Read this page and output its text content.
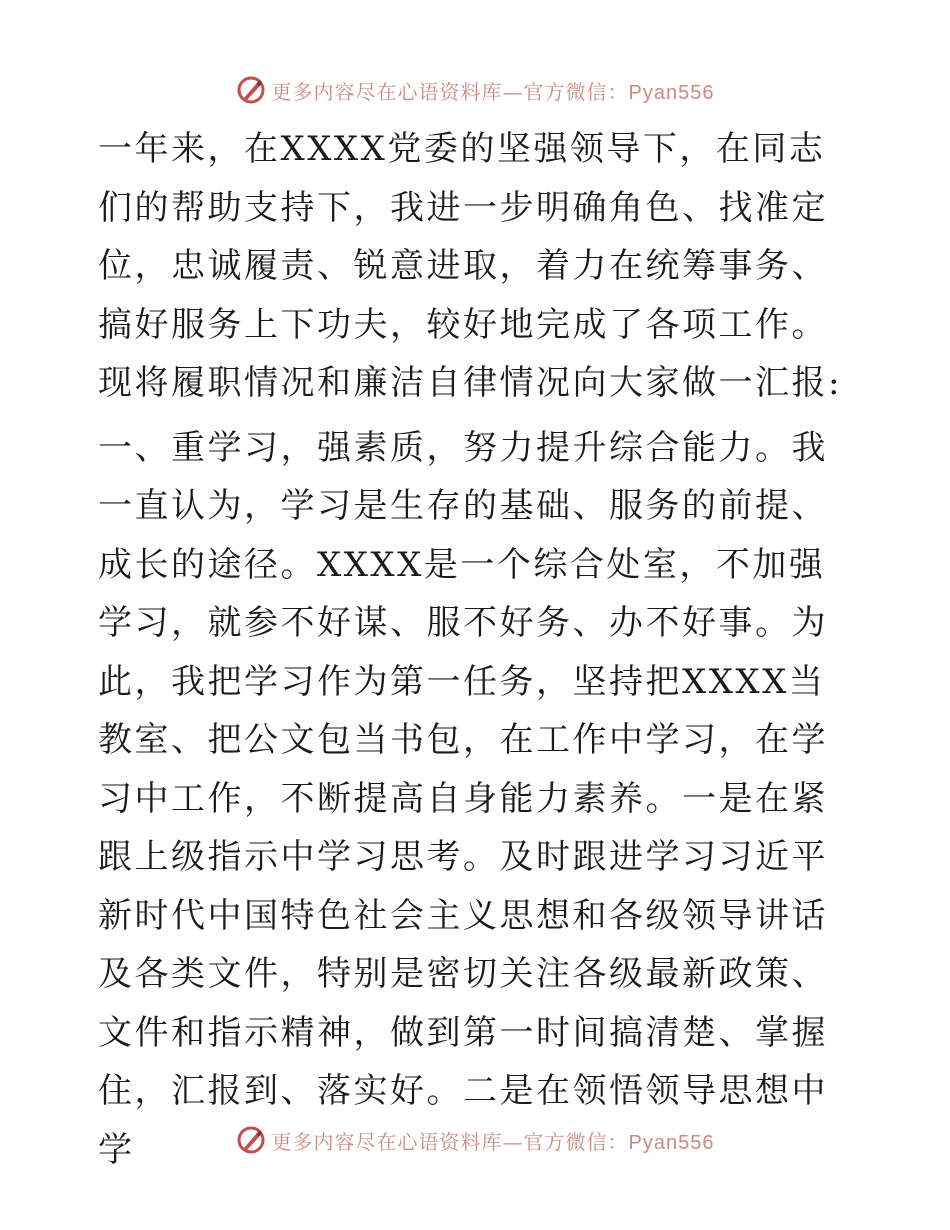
更多内容尽在心语资料库—官方微信：Pyan556

一年来，在XXXX党委的坚强领导下，在同志们的帮助支持下，我进一步明确角色、找准定位，忠诚履责、锐意进取，着力在统筹事务、搞好服务上下功夫，较好地完成了各项工作。现将履职情况和廉洁自律情况向大家做一汇报:

一、重学习，强素质，努力提升综合能力。我一直认为，学习是生存的基础、服务的前提、成长的途径。XXXX是一个综合处室，不加强学习，就参不好谋、服不好务、办不好事。为此，我把学习作为第一任务，坚持把XXXX当教室、把公文包当书包，在工作中学习，在学习中工作，不断提高自身能力素养。一是在紧跟上级指示中学习思考。及时跟进学习习近平新时代中国特色社会主义思想和各级领导讲话及各类文件，特别是密切关注各级最新政策、文件和指示精神，做到第一时间搞清楚、掌握住，汇报到、落实好。二是在领悟领导思想中学	更多内容尽在心语资料库—官方微信：Pyan556
